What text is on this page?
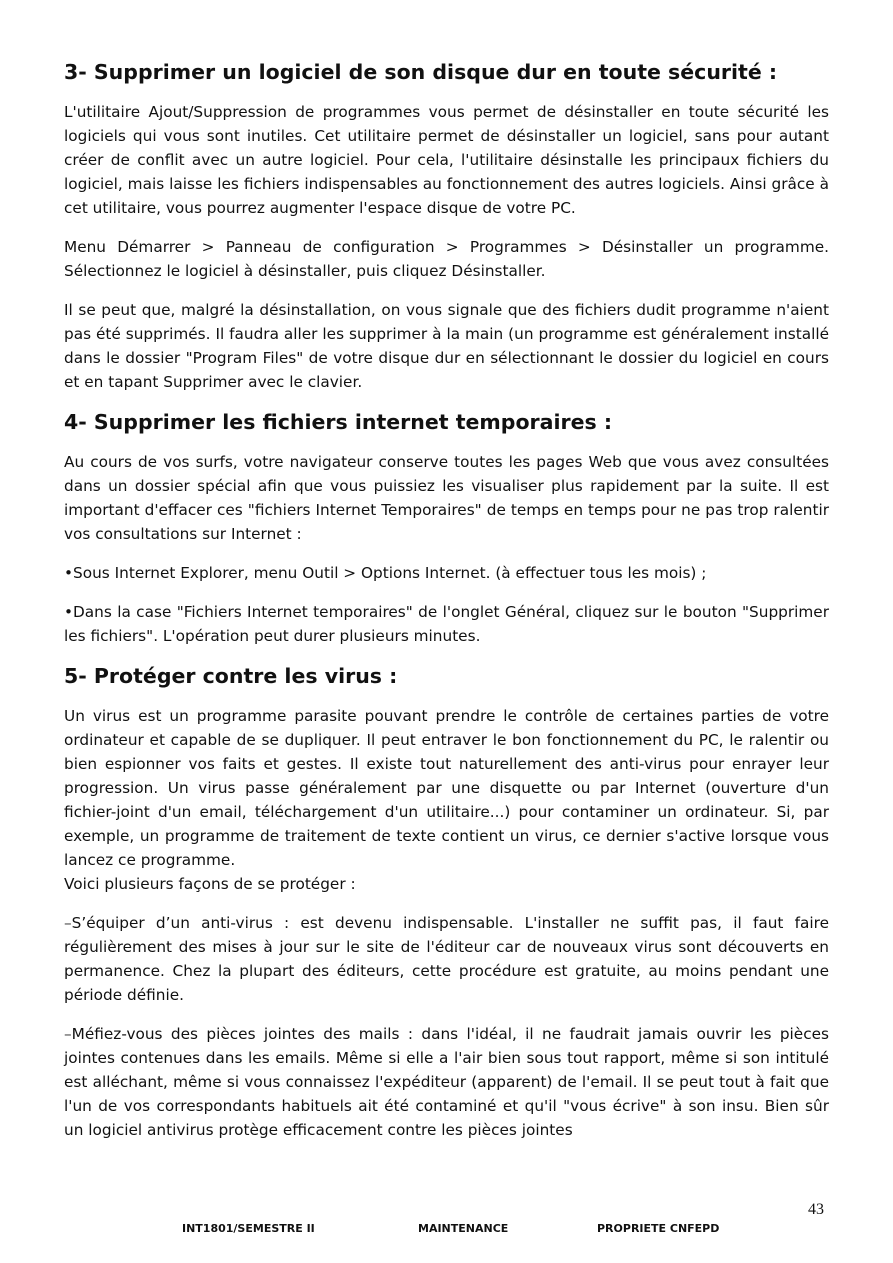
3- Supprimer un logiciel de son disque dur en toute sécurité :

L'utilitaire Ajout/Suppression de programmes vous permet de désinstaller en toute sécurité les logiciels qui vous sont inutiles. Cet utilitaire permet de désinstaller un logiciel, sans pour autant créer de conflit avec un autre logiciel. Pour cela, l'utilitaire désinstalle les principaux fichiers du logiciel, mais laisse les fichiers indispensables au fonctionnement des autres logiciels. Ainsi grâce à cet utilitaire, vous pourrez augmenter l'espace disque de votre PC.

Menu Démarrer > Panneau de configuration > Programmes > Désinstaller un programme. Sélectionnez le logiciel à désinstaller, puis cliquez Désinstaller.

Il se peut que, malgré la désinstallation, on vous signale que des fichiers dudit programme n'aient pas été supprimés. Il faudra aller les supprimer à la main (un programme est généralement installé dans le dossier "Program Files" de votre disque dur en sélectionnant le dossier du logiciel en cours et en tapant Supprimer avec le clavier.

4- Supprimer les fichiers internet temporaires :

Au cours de vos surfs, votre navigateur conserve toutes les pages Web que vous avez consultées dans un dossier spécial afin que vous puissiez les visualiser plus rapidement par la suite. Il est important d'effacer ces "fichiers Internet Temporaires" de temps en temps pour ne pas trop ralentir vos consultations sur Internet :

• Sous Internet Explorer, menu Outil > Options Internet. (à effectuer tous les mois) ;

• Dans la case "Fichiers Internet temporaires" de l'onglet Général, cliquez sur le bouton "Supprimer les fichiers". L'opération peut durer plusieurs minutes.

5- Protéger contre les virus :

Un virus est un programme parasite pouvant prendre le contrôle de certaines parties de votre ordinateur et capable de se dupliquer. Il peut entraver le bon fonctionnement du PC, le ralentir ou bien espionner vos faits et gestes. Il existe tout naturellement des anti-virus pour enrayer leur progression. Un virus passe généralement par une disquette ou par Internet (ouverture d'un fichier-joint d'un email, téléchargement d'un utilitaire...) pour contaminer un ordinateur. Si, par exemple, un programme de traitement de texte contient un virus, ce dernier s'active lorsque vous lancez ce programme.

Voici plusieurs façons de se protéger :

– S’équiper d’un anti-virus : est devenu indispensable. L'installer ne suffit pas, il faut faire régulièrement des mises à jour sur le site de l'éditeur car de nouveaux virus sont découverts en permanence. Chez la plupart des éditeurs, cette procédure est gratuite, au moins pendant une période définie.

– Méfiez-vous des pièces jointes des mails : dans l'idéal, il ne faudrait jamais ouvrir les pièces jointes contenues dans les emails. Même si elle a l'air bien sous tout rapport, même si son intitulé est alléchant, même si vous connaissez l'expéditeur (apparent) de l'email. Il se peut tout à fait que l'un de vos correspondants habituels ait été contaminé et qu'il "vous écrive" à son insu. Bien sûr un logiciel antivirus protège efficacement contre les pièces jointes

43
INT1801/SEMESTRE II	MAINTENANCE	PROPRIETE CNFEPD
